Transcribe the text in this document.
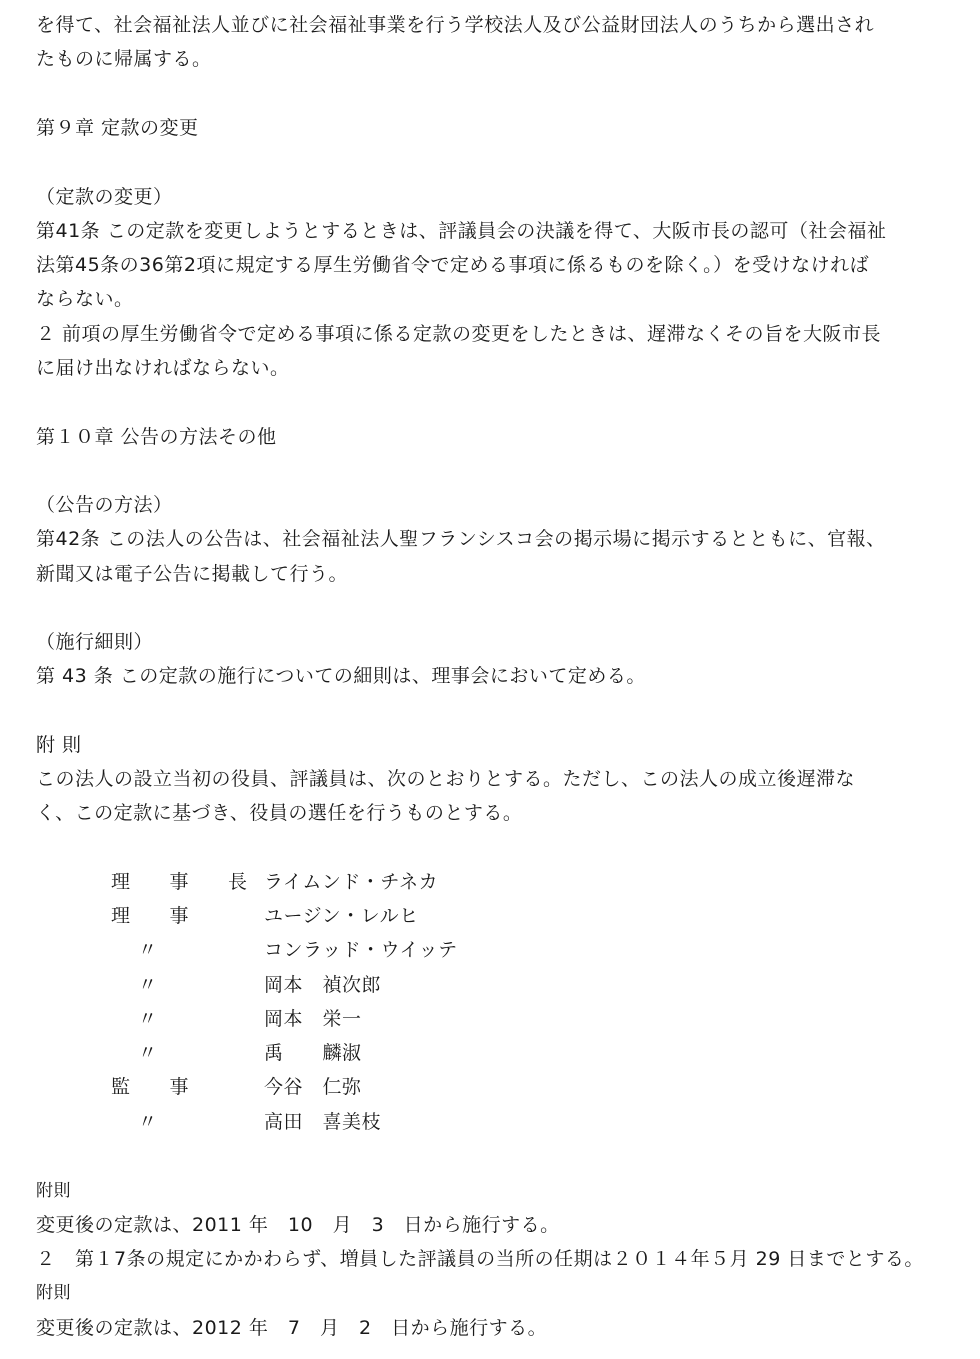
を得て、社会福祉法人並びに社会福祉事業を行う学校法人及び公益財団法人のうちから選出され
たものに帰属する。
第９章 定款の変更
（定款の変更）
第41条 この定款を変更しようとするときは、評議員会の決議を得て、大阪市長の認可（社会福祉
法第45条の36第2項に規定する厚生労働省令で定める事項に係るものを除く。）を受けなければ
ならない。
２ 前項の厚生労働省令で定める事項に係る定款の変更をしたときは、遅滞なくその旨を大阪市長
に届け出なければならない。
第１０章 公告の方法その他
（公告の方法）
第42条 この法人の公告は、社会福祉法人聖フランシスコ会の掲示場に掲示するとともに、官報、
新聞又は電子公告に掲載して行う。
（施行細則）
第 43 条 この定款の施行についての細則は、理事会において定める。
附 則
この法人の設立当初の役員、評議員は、次のとおりとする。ただし、この法人の成立後遅滞な
く、この定款に基づき、役員の選任を行うものとする。
理　　事　　長 ライムンド・チネカ
理　　事	ユージン・レルヒ
〃	コンラッド・ウイッテ
〃	岡本　禎次郎
〃	岡本　栄一
〃	禹　　麟淑
監　　事	今谷　仁弥
〃	高田　喜美枝
附則
変更後の定款は、2011 年　10　月　3　日から施行する。
２　第１7条の規定にかかわらず、増員した評議員の当所の任期は２０１４年５月 29 日までとする。
附則
変更後の定款は、2012 年　7　月　2　日から施行する。
